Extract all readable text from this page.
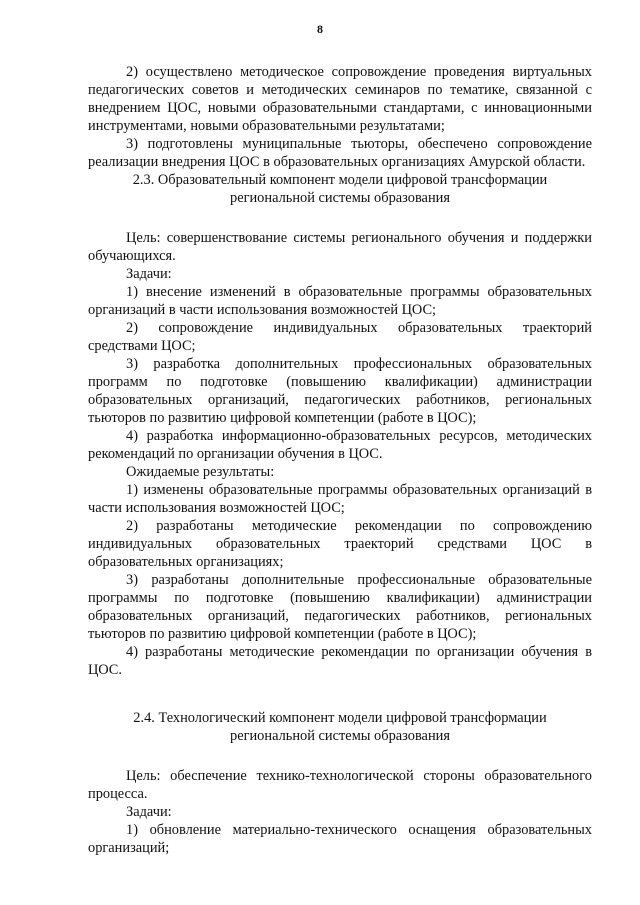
8

2) осуществлено методическое сопровождение проведения виртуальных педагогических советов и методических семинаров по тематике, связанной с внедрением ЦОС, новыми образовательными стандартами, с инновационными инструментами, новыми образовательными результатами;

3) подготовлены муниципальные тьюторы, обеспечено сопровождение реализации внедрения ЦОС в образовательных организациях Амурской области.

2.3. Образовательный компонент модели цифровой трансформации региональной системы образования

Цель: совершенствование системы регионального обучения и поддержки обучающихся.

Задачи:

1) внесение изменений в образовательные программы образовательных организаций в части использования возможностей ЦОС;

2) сопровождение индивидуальных образовательных траекторий средствами ЦОС;

3) разработка дополнительных профессиональных образовательных программ по подготовке (повышению квалификации) администрации образовательных организаций, педагогических работников, региональных тьюторов по развитию цифровой компетенции (работе в ЦОС);

4) разработка информационно-образовательных ресурсов, методических рекомендаций по организации обучения в ЦОС.

Ожидаемые результаты:

1) изменены образовательные программы образовательных организаций в части использования возможностей ЦОС;

2) разработаны методические рекомендации по сопровождению индивидуальных образовательных траекторий средствами ЦОС в образовательных организациях;

3) разработаны дополнительные профессиональные образовательные программы по подготовке (повышению квалификации) администрации образовательных организаций, педагогических работников, региональных тьюторов по развитию цифровой компетенции (работе в ЦОС);

4) разработаны методические рекомендации по организации обучения в ЦОС.

2.4. Технологический компонент модели цифровой трансформации региональной системы образования

Цель: обеспечение технико-технологической стороны образовательного процесса.

Задачи:

1) обновление материально-технического оснащения образовательных организаций;
